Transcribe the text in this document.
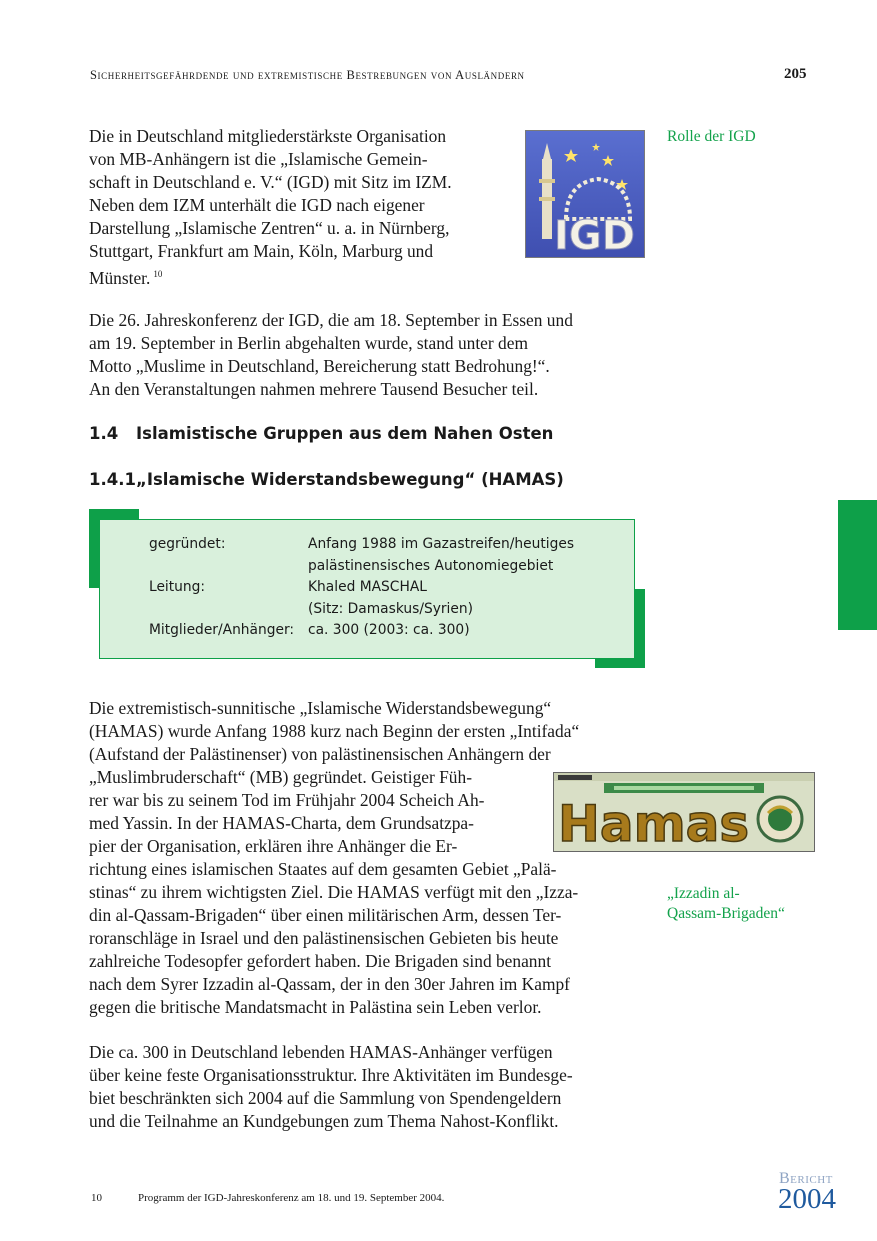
Sicherheitsgefährdende und extremistische Bestrebungen von Ausländern	205
Die in Deutschland mitgliederstärkste Organisation
von MB-Anhängern ist die „Islamische Gemein-
schaft in Deutschland e. V.“ (IGD) mit Sitz im IZM.
Neben dem IZM unterhält die IGD nach eigener
Darstellung „Islamische Zentren“ u. a. in Nürnberg,
Stuttgart, Frankfurt am Main, Köln, Marburg und
Münster. $^{10}$
IGD
Rolle der IGD
Die 26. Jahreskonferenz der IGD, die am 18. September in Essen und
am 19. September in Berlin abgehalten wurde, stand unter dem
Motto „Muslime in Deutschland, Bereicherung statt Bedrohung!“.
An den Veranstaltungen nahmen mehrere Tausend Besucher teil.
1.4 Islamistische Gruppen aus dem Nahen Osten
1.4.1„Islamische Widerstandsbewegung“ (HAMAS)
gegründet:	Anfang 1988 im Gazastreifen/heutiges
palästinensisches Autonomiegebiet
Leitung:	Khaled MASCHAL
(Sitz: Damaskus/Syrien)
Mitglieder/Anhänger: ca. 300 (2003: ca. 300)
Die extremistisch-sunnitische „Islamische Widerstandsbewegung“
(HAMAS) wurde Anfang 1988 kurz nach Beginn der ersten „Intifada“
(Aufstand der Palästinenser) von palästinensischen Anhängern der
„Muslimbruderschaft“ (MB) gegründet. Geistiger Füh-
rer war bis zu seinem Tod im Frühjahr 2004 Scheich Ah-
med Yassin. In der HAMAS-Charta, dem Grundsatzpa-
pier der Organisation, erklären ihre Anhänger die Er-
richtung eines islamischen Staates auf dem gesamten Gebiet „Palä-
stinas“ zu ihrem wichtigsten Ziel. Die HAMAS verfügt mit den „Izza-
din al-Qassam-Brigaden“ über einen militärischen Arm, dessen Ter-
roranschläge in Israel und den palästinensischen Gebieten bis heute
zahlreiche Todesopfer gefordert haben. Die Brigaden sind benannt
nach dem Syrer Izzadin al-Qassam, der in den 30er Jahren im Kampf
gegen die britische Mandatsmacht in Palästina sein Leben verlor.
Hamas
„Izzadin al-
Qassam-Brigaden“
Die ca. 300 in Deutschland lebenden HAMAS-Anhänger verfügen
über keine feste Organisationsstruktur. Ihre Aktivitäten im Bundesge-
biet beschränkten sich 2004 auf die Sammlung von Spendengeldern
und die Teilnahme an Kundgebungen zum Thema Nahost-Konflikt.
10	Programm der IGD-Jahreskonferenz am 18. und 19. September 2004.
Bericht
2004
